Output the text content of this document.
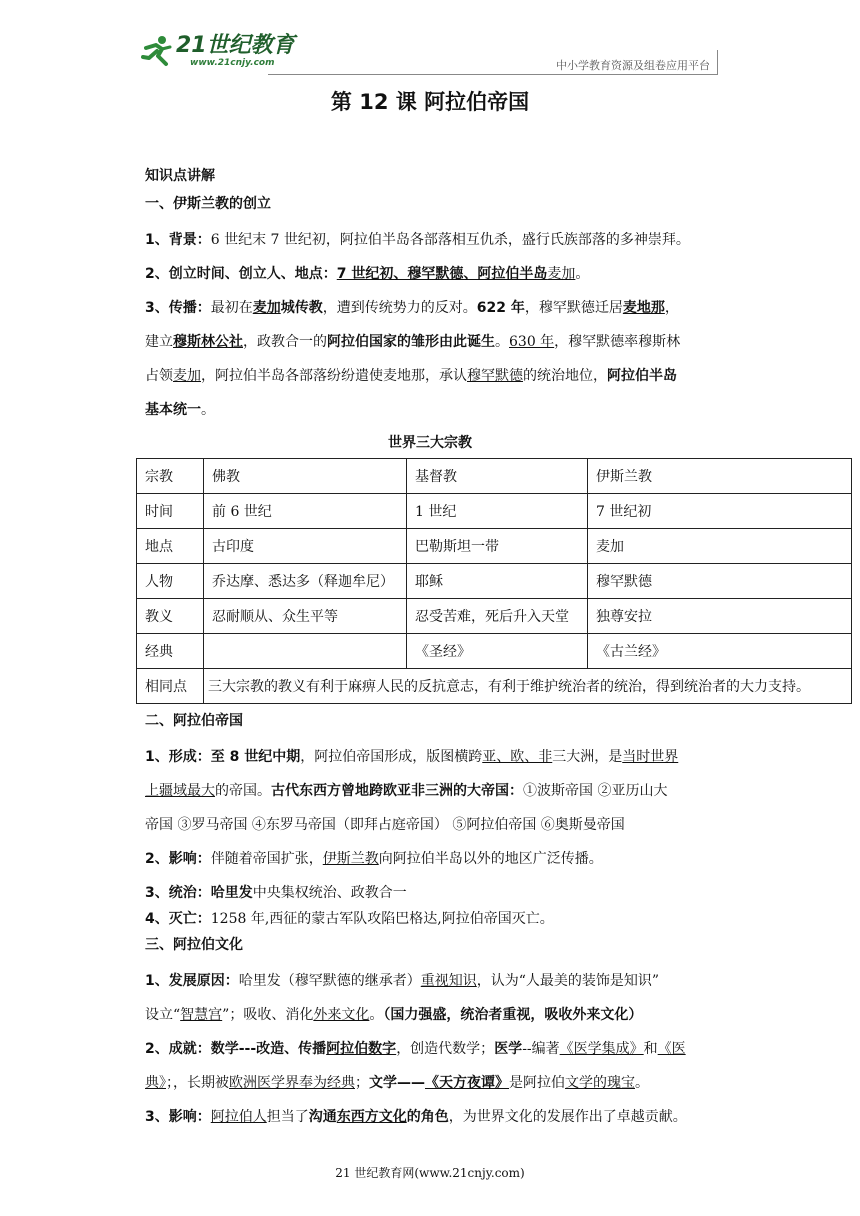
21世纪教育
www.21cnjy.com	中小学教育资源及组卷应用平台
第 12 课 阿拉伯帝国

知识点讲解

一、伊斯兰教的创立

1、背景：6 世纪末 7 世纪初，阿拉伯半岛各部落相互仇杀，盛行氏族部落的多神崇拜。

2、创立时间、创立人、地点：7 世纪初、穆罕默德、阿拉伯半岛麦加。

3、传播：最初在麦加城传教，遭到传统势力的反对。622 年，穆罕默德迁居麦地那，

建立穆斯林公社，政教合一的阿拉伯国家的雏形由此诞生。630 年，穆罕默德率穆斯林

占领麦加，阿拉伯半岛各部落纷纷遣使麦地那，承认穆罕默德的统治地位，阿拉伯半岛

基本统一。

世界三大宗教
宗教	佛教	基督教	伊斯兰教
时间	前 6 世纪	1 世纪	7 世纪初
地点	古印度	巴勒斯坦一带	麦加
人物	乔达摩、悉达多（释迦牟尼）	耶稣	穆罕默德
教义	忍耐顺从、众生平等	忍受苦难，死后升入天堂	独尊安拉
经典		《圣经》	《古兰经》
相同点	三大宗教的教义有利于麻痹人民的反抗意志，有利于维护统治者的统治，得到统治者的大力支持。		

二、阿拉伯帝国

1、形成：至 8 世纪中期，阿拉伯帝国形成，版图横跨亚、欧、非三大洲，是当时世界

上疆域最大的帝国。古代东西方曾地跨欧亚非三洲的大帝国：①波斯帝国 ②亚历山大

帝国 ③罗马帝国 ④东罗马帝国（即拜占庭帝国） ⑤阿拉伯帝国 ⑥奥斯曼帝国

2、影响：伴随着帝国扩张，伊斯兰教向阿拉伯半岛以外的地区广泛传播。

3、统治：哈里发中央集权统治、政教合一

4、灭亡：1258 年,西征的蒙古军队攻陷巴格达,阿拉伯帝国灭亡。

三、阿拉伯文化

1、发展原因：哈里发（穆罕默德的继承者）重视知识，认为“人最美的装饰是知识”

设立“智慧宫”；吸收、消化外来文化。（国力强盛，统治者重视，吸收外来文化）

2、成就：数学---改造、传播阿拉伯数字，创造代数学；医学--编著《医学集成》和《医

典》；，长期被欧洲医学界奉为经典；文学——《天方夜谭》是阿拉伯文学的瑰宝。

3、影响：阿拉伯人担当了沟通东西方文化的角色，为世界文化的发展作出了卓越贡献。

21 世纪教育网(www.21cnjy.com)
